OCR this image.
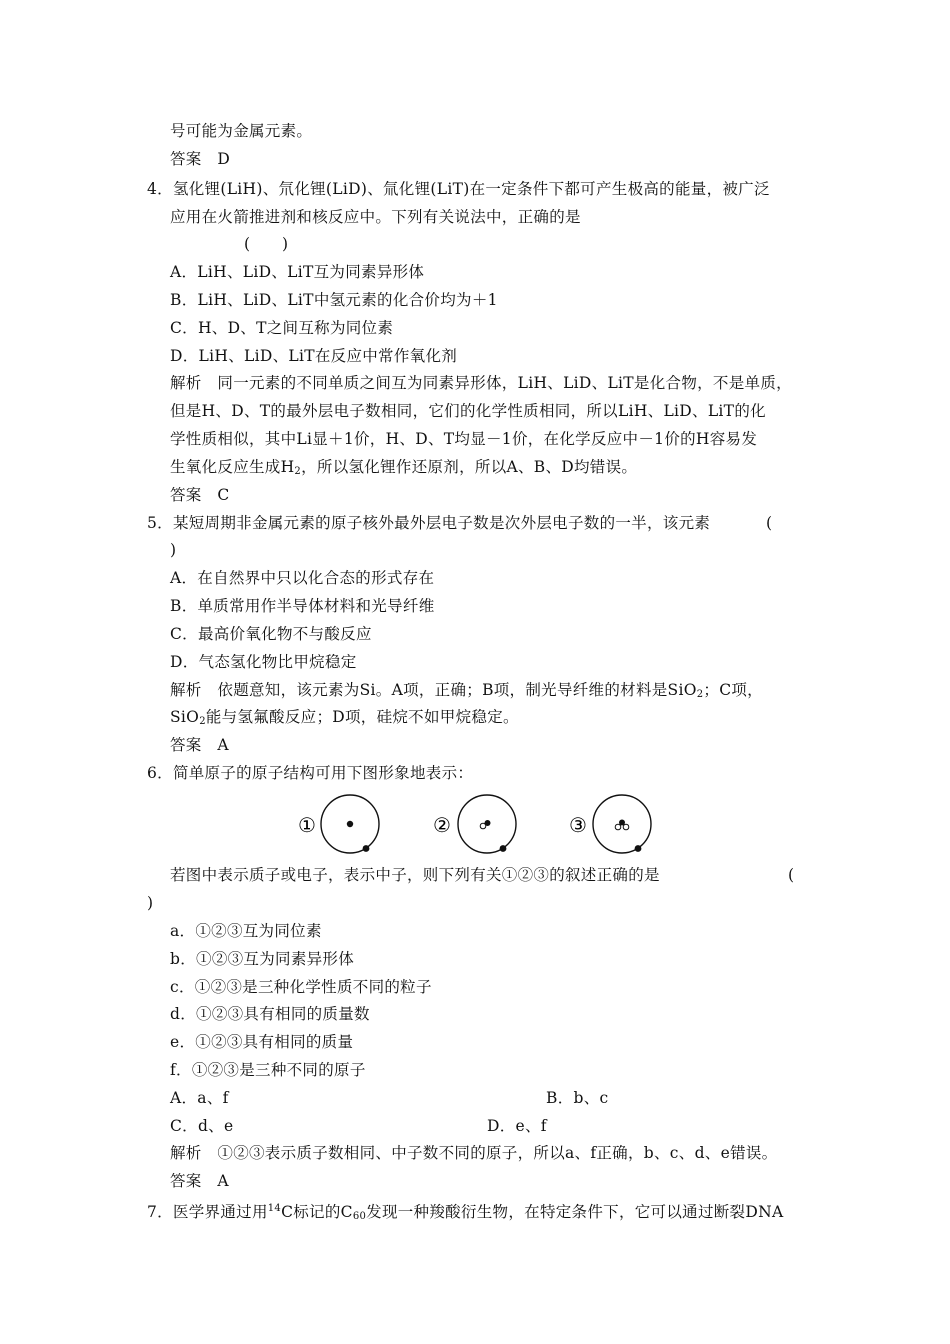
号可能为金属元素。
答案　D
4．氢化锂(LiH)、氘化锂(LiD)、氚化锂(LiT)在一定条件下都可产生极高的能量，被广泛
应用在火箭推进剂和核反应中。下列有关说法中，正确的是
(　　)
A．LiH、LiD、LiT互为同素异形体
B．LiH、LiD、LiT中氢元素的化合价均为＋1
C．H、D、T之间互称为同位素
D．LiH、LiD、LiT在反应中常作氧化剂
解析　同一元素的不同单质之间互为同素异形体，LiH、LiD、LiT是化合物，不是单质，
但是H、D、T的最外层电子数相同，它们的化学性质相同，所以LiH、LiD、LiT的化
学性质相似，其中Li显＋1价，H、D、T均显－1价，在化学反应中－1价的H容易发
生氧化反应生成$H_2$，所以氢化锂作还原剂，所以A、B、D均错误。
答案　C
5．某短周期非金属元素的原子核外最外层电子数是次外层电子数的一半，该元素	(
)
A．在自然界中只以化合态的形式存在
B．单质常用作半导体材料和光导纤维
C．最高价氧化物不与酸反应
D．气态氢化物比甲烷稳定
解析　依题意知，该元素为Si。A项，正确；B项，制光导纤维的材料是SiO$_2$；C项，
SiO$_2$能与氢氟酸反应；D项，硅烷不如甲烷稳定。
答案　A
6．简单原子的原子结构可用下图形象地表示：
①	②	③
若图中表示质子或电子，表示中子，则下列有关①②③的叙述正确的是	(
)
a．①②③互为同位素
b．①②③互为同素异形体
c．①②③是三种化学性质不同的粒子
d．①②③具有相同的质量数
e．①②③具有相同的质量
f．①②③是三种不同的原子
A．a、f	B．b、c
C．d、e	D．e、f
解析　①②③表示质子数相同、中子数不同的原子，所以a、f正确，b、c、d、e错误。
答案　A
7．医学界通过用$^{14}$C标记的$C_{60}$发现一种羧酸衍生物，在特定条件下，它可以通过断裂DNA
